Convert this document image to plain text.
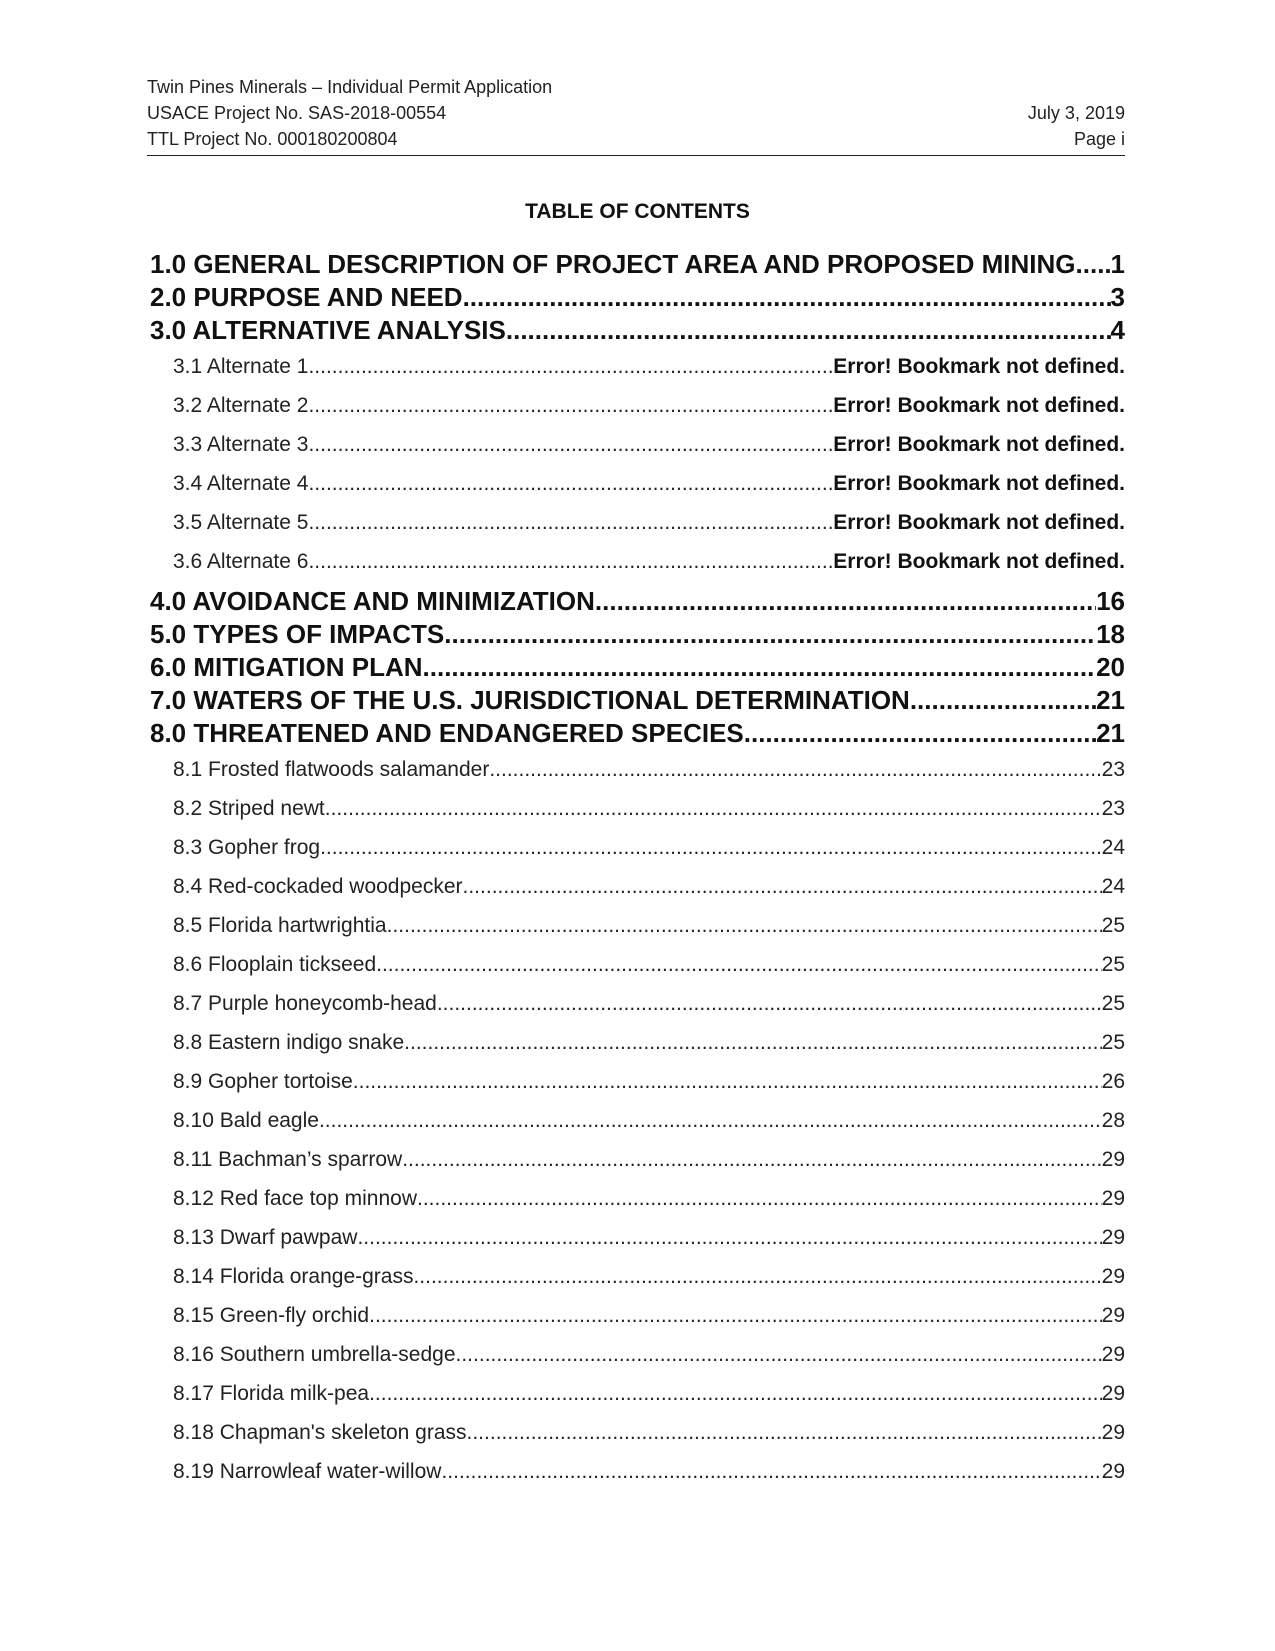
Twin Pines Minerals – Individual Permit Application
USACE Project No. SAS-2018-00554	July 3, 2019
TTL Project No. 000180200804	Page i
TABLE OF CONTENTS
1.0 GENERAL DESCRIPTION OF PROJECT AREA AND PROPOSED MINING ..... 1
2.0 PURPOSE AND NEED .....	3
3.0 ALTERNATIVE ANALYSIS .....	4
3.1 Alternate 1 .....	Error! Bookmark not defined.
3.2 Alternate 2 .....	Error! Bookmark not defined.
3.3 Alternate 3 .....	Error! Bookmark not defined.
3.4 Alternate 4 .....	Error! Bookmark not defined.
3.5 Alternate 5 .....	Error! Bookmark not defined.
3.6 Alternate 6 .....	Error! Bookmark not defined.
4.0 AVOIDANCE AND MINIMIZATION .....	16
5.0 TYPES OF IMPACTS .....	18
6.0 MITIGATION PLAN .....	20
7.0 WATERS OF THE U.S. JURISDICTIONAL DETERMINATION .....	21
8.0 THREATENED AND ENDANGERED SPECIES .....	21
8.1 Frosted flatwoods salamander .....	23
8.2 Striped newt .....	23
8.3 Gopher frog .....	24
8.4 Red-cockaded woodpecker .....	24
8.5 Florida hartwrightia .....	25
8.6 Flooplain tickseed .....	25
8.7 Purple honeycomb-head .....	25
8.8 Eastern indigo snake .....	25
8.9 Gopher tortoise .....	26
8.10 Bald eagle .....	28
8.11 Bachman’s sparrow .....	29
8.12 Red face top minnow .....	29
8.13 Dwarf pawpaw .....	29
8.14 Florida orange-grass .....	29
8.15 Green-fly orchid .....	29
8.16 Southern umbrella-sedge .....	29
8.17 Florida milk-pea .....	29
8.18 Chapman's skeleton grass .....	29
8.19 Narrowleaf water-willow .....	29
